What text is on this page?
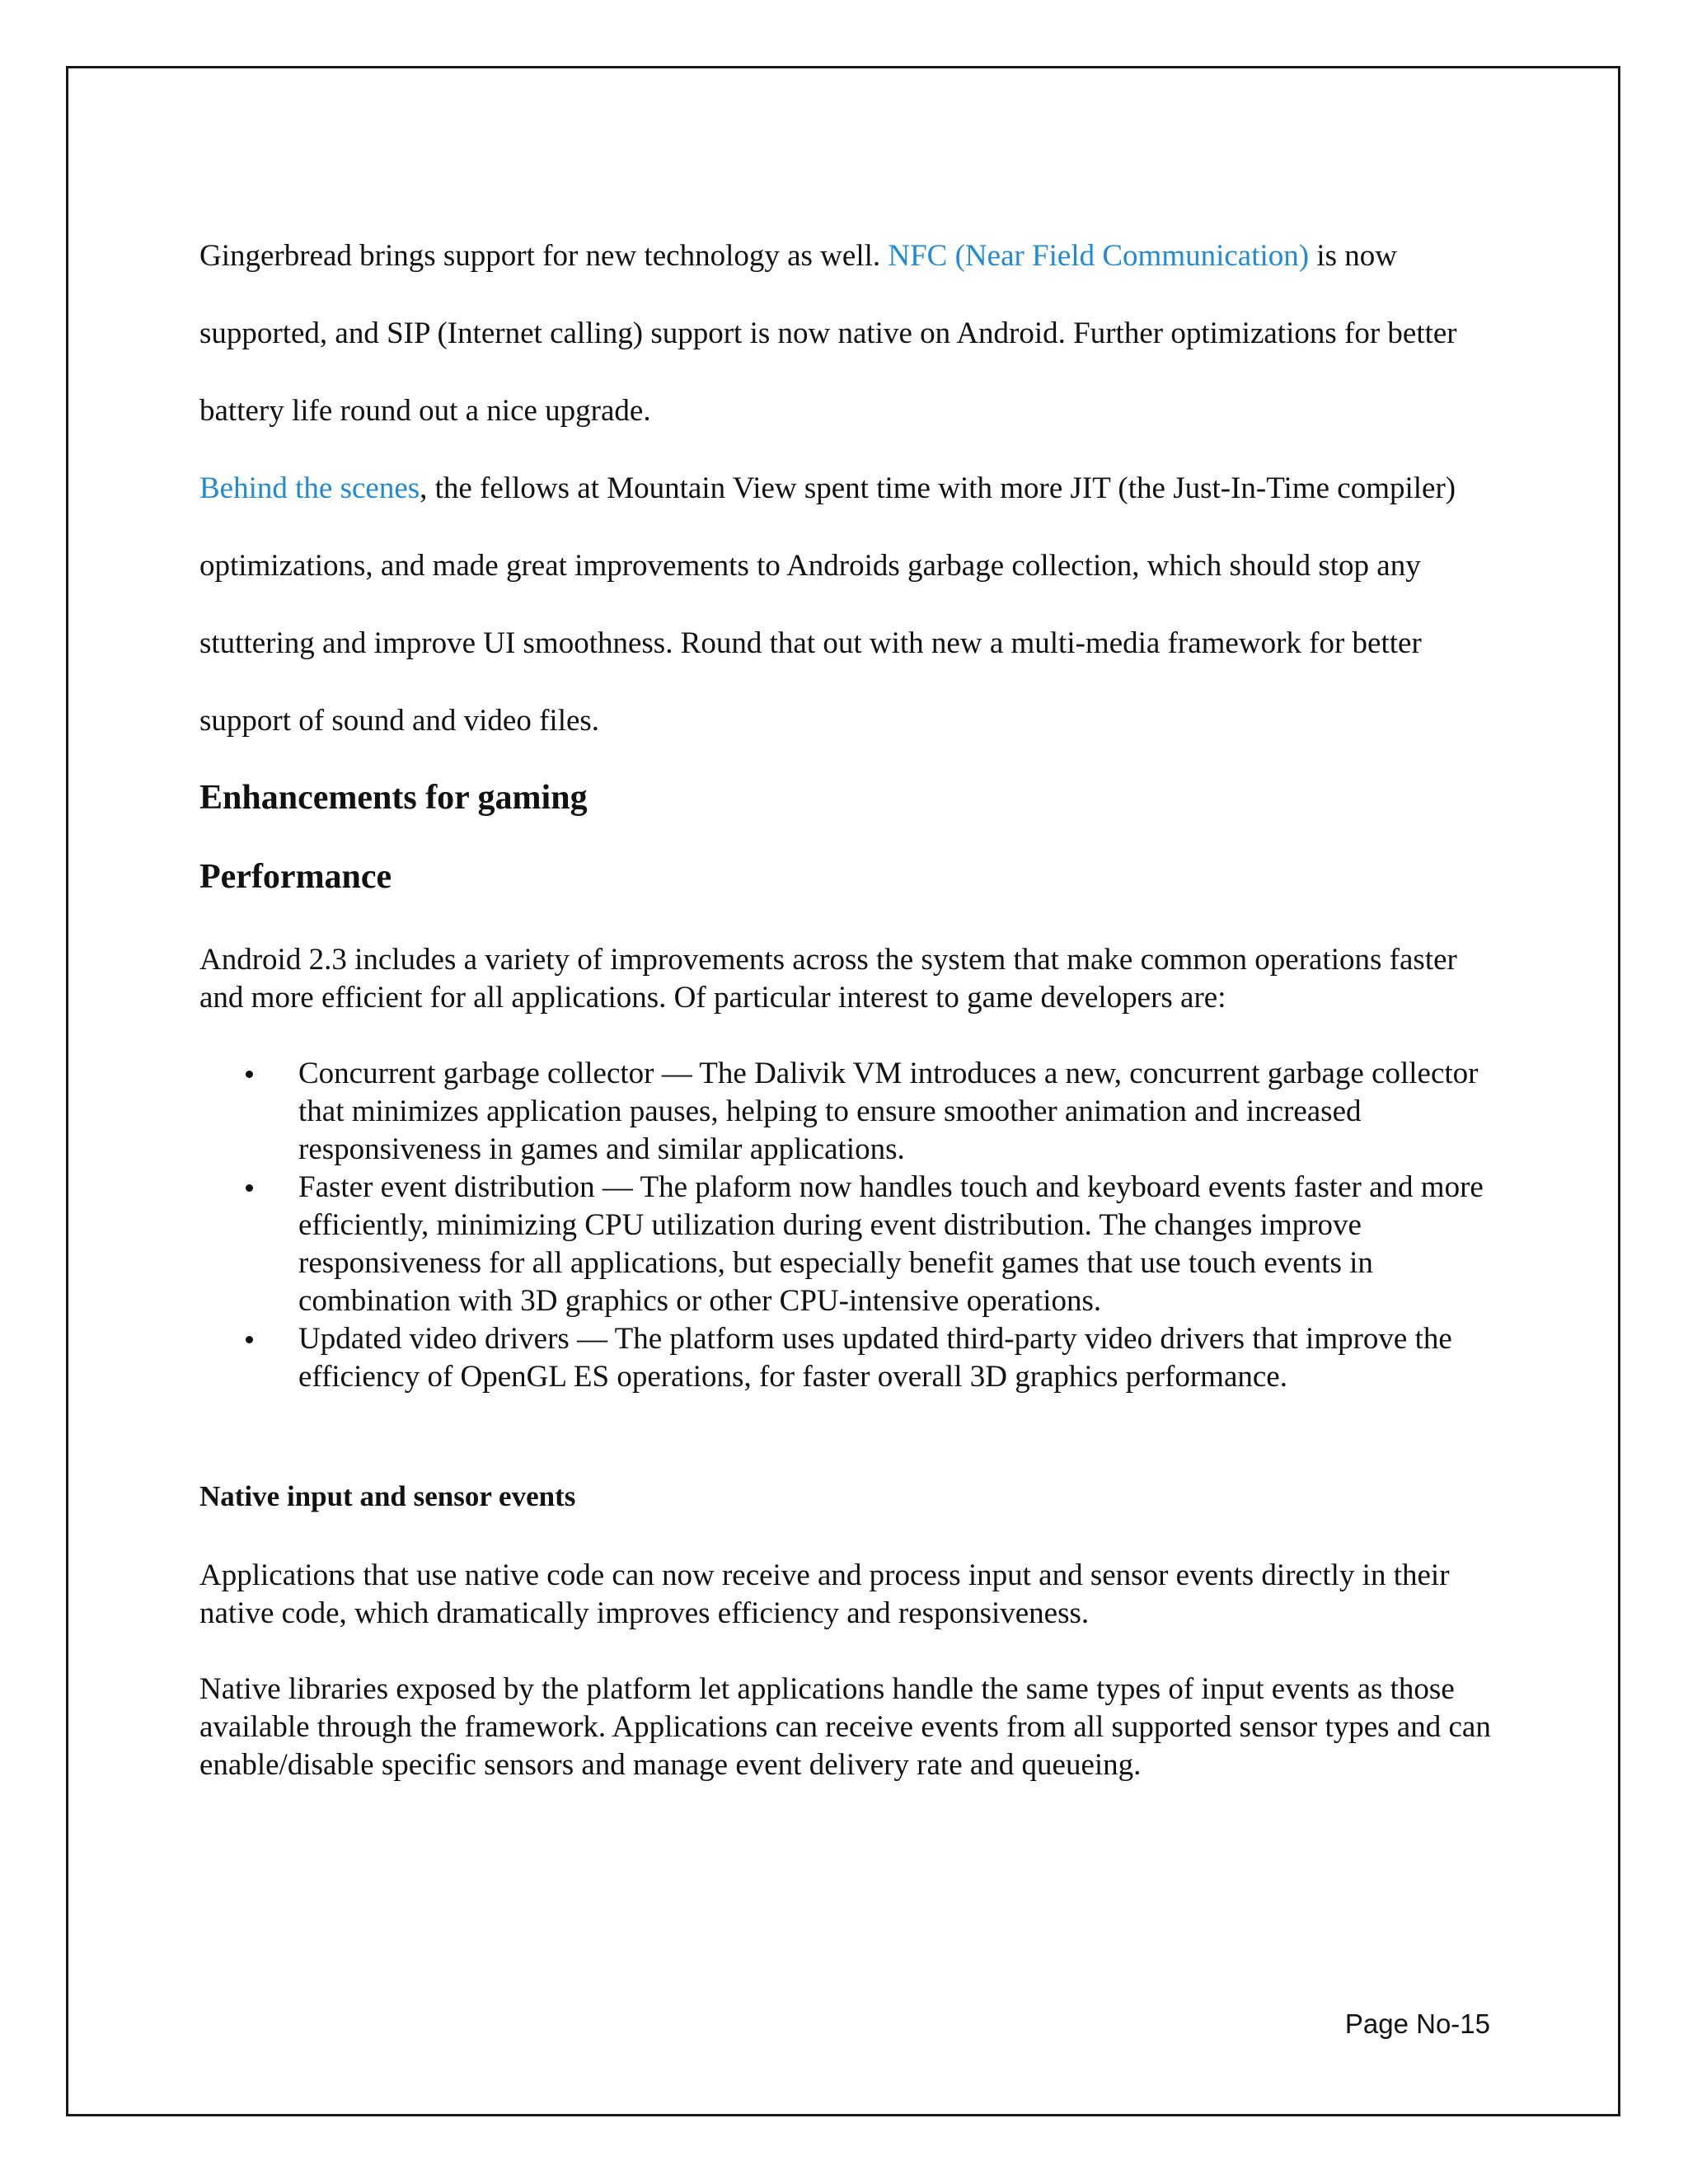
Gingerbread brings support for new technology as well. NFC (Near Field Communication) is now supported, and SIP (Internet calling) support is now native on Android. Further optimizations for better battery life round out a nice upgrade.

Behind the scenes, the fellows at Mountain View spent time with more JIT (the Just-In-Time compiler) optimizations, and made great improvements to Androids garbage collection, which should stop any stuttering and improve UI smoothness. Round that out with new a multi-media framework for better support of sound and video files.

Enhancements for gaming
Performance

Android 2.3 includes a variety of improvements across the system that make common operations faster and more efficient for all applications. Of particular interest to game developers are:

Concurrent garbage collector — The Dalivik VM introduces a new, concurrent garbage collector that minimizes application pauses, helping to ensure smoother animation and increased responsiveness in games and similar applications.
Faster event distribution — The plaform now handles touch and keyboard events faster and more efficiently, minimizing CPU utilization during event distribution. The changes improve responsiveness for all applications, but especially benefit games that use touch events in combination with 3D graphics or other CPU-intensive operations.
Updated video drivers — The platform uses updated third-party video drivers that improve the efficiency of OpenGL ES operations, for faster overall 3D graphics performance.
Native input and sensor events

Applications that use native code can now receive and process input and sensor events directly in their native code, which dramatically improves efficiency and responsiveness.

Native libraries exposed by the platform let applications handle the same types of input events as those available through the framework. Applications can receive events from all supported sensor types and can enable/disable specific sensors and manage event delivery rate and queueing.

Page No-15
